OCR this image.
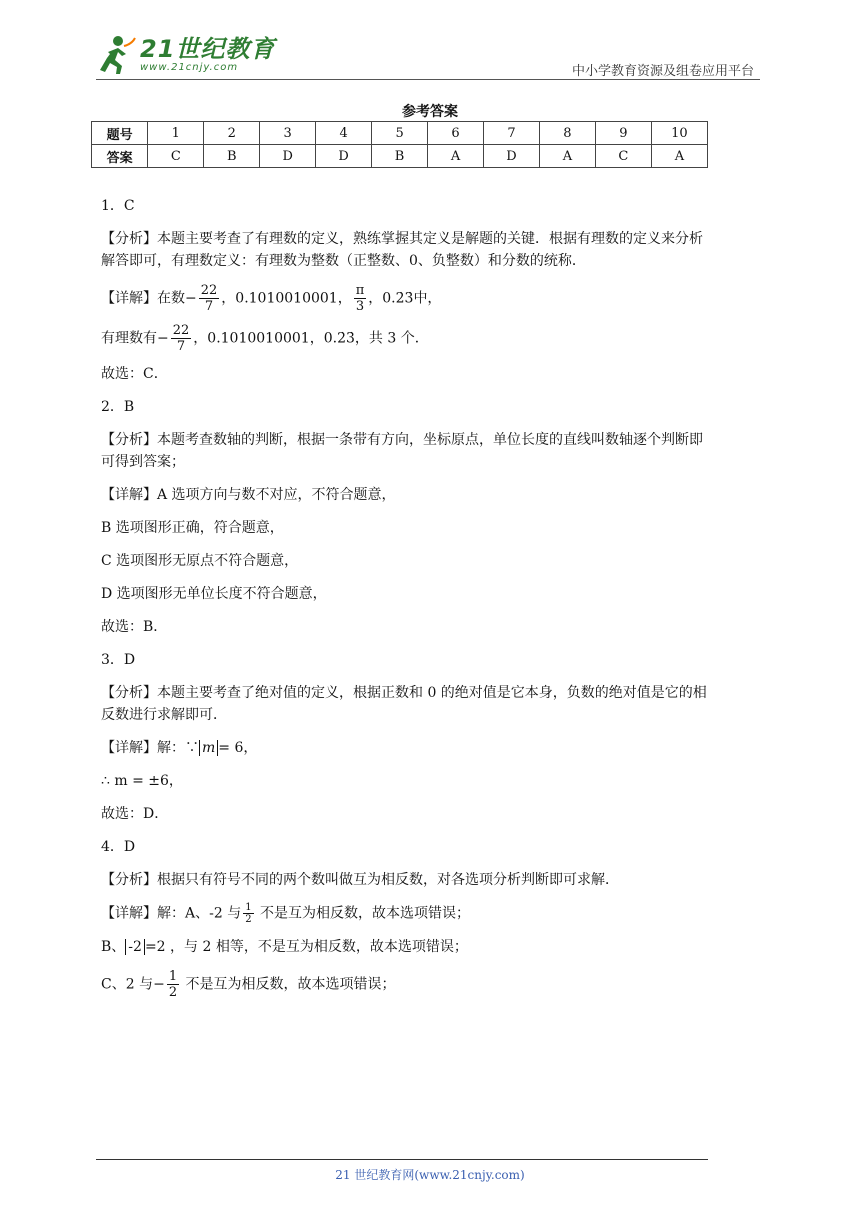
21世纪教育
www.21cnjy.com	中小学教育资源及组卷应用平台
参考答案
题号	1	2	3	4	5	6	7	8	9	10
答案	C	B	D	D	B	A	D	A	C	A
1．C
【分析】本题主要考查了有理数的定义，熟练掌握其定义是解题的关键．根据有理数的定义来分析解答即可，有理数定义：有理数为整数（正整数、0、负整数）和分数的统称．
【详解】在数− $\frac{22}{7}$ ，0.1010010001， $\frac{\pi}{3}$ ，0.2̇3̇中，
有理数有− $\frac{22}{7}$ ，0.1010010001，0.2̇3̇，共 3 个．
故选：C．
2．B
【分析】本题考查数轴的判断，根据一条带有方向，坐标原点，单位长度的直线叫数轴逐个判断即可得到答案；
【详解】A 选项方向与数不对应，不符合题意，
B 选项图形正确，符合题意，
C 选项图形无原点不符合题意，
D 选项图形无单位长度不符合题意，
故选：B．
3．D
【分析】本题主要考查了绝对值的定义，根据正数和 0 的绝对值是它本身，负数的绝对值是它的相反数进行求解即可．
【详解】解：∵ m = 6，
∴ m = ±6，
故选：D．
4．D
【分析】根据只有符号不同的两个数叫做互为相反数，对各选项分析判断即可求解．
【详解】解：A、-2 与 $\frac{1}{2}$ 不是互为相反数，故本选项错误；
B、 -2 =2 ，与 2 相等，不是互为相反数，故本选项错误；
C、2 与− $\frac{1}{2}$ 不是互为相反数，故本选项错误；
21 世纪教育网(www.21cnjy.com)
